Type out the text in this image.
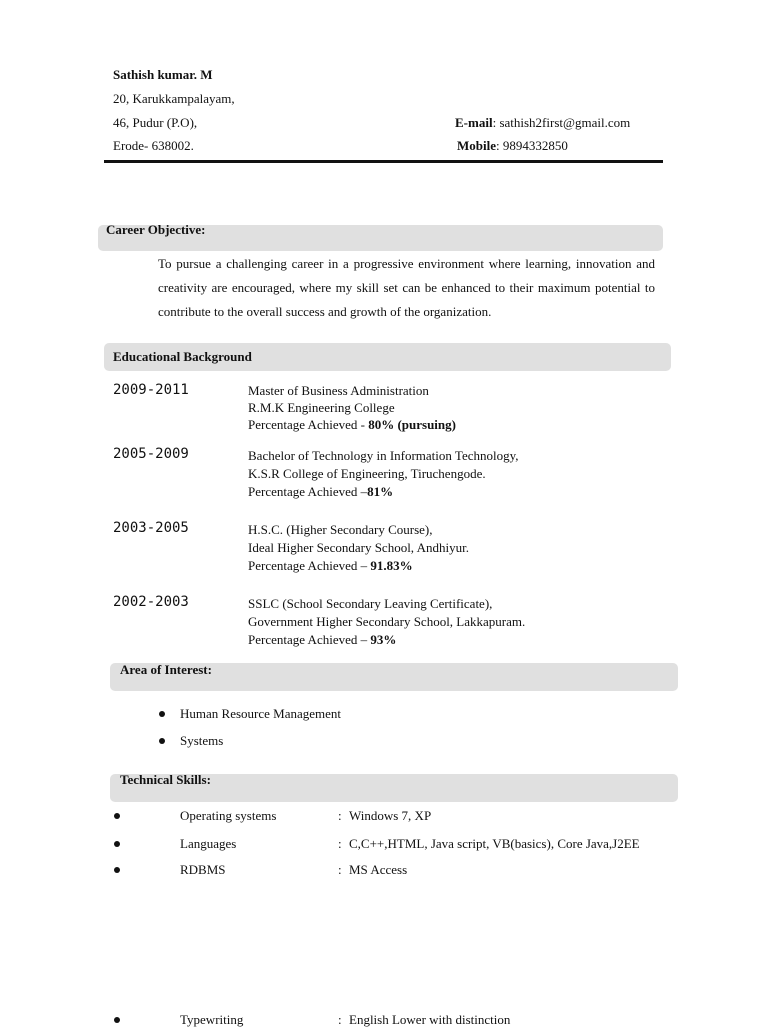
Sathish kumar. M
20, Karukkampalayam,
46, Pudur (P.O),
Erode- 638002.
E-mail: sathish2first@gmail.com
Mobile: 9894332850
Career Objective:
To pursue a challenging career in a progressive environment where learning, innovation and creativity are encouraged, where my skill set can be enhanced to their maximum potential to contribute to the overall success and growth of the organization.
Educational Background
2009-2011	Master of Business Administration
R.M.K Engineering College
Percentage Achieved - 80% (pursuing)
2005-2009	Bachelor of Technology in Information Technology,
K.S.R College of Engineering, Tiruchengode.
Percentage Achieved –81%
2003-2005	H.S.C. (Higher Secondary Course),
Ideal Higher Secondary School, Andhiyur.
Percentage Achieved – 91.83%
2002-2003	SSLC (School Secondary Leaving Certificate),
Government Higher Secondary School, Lakkapuram.
Percentage Achieved – 93%
Area of Interest:
Human Resource Management
Systems
Technical Skills:
Operating systems	: Windows 7, XP
Languages	: C,C++,HTML, Java script, VB(basics), Core Java,J2EE
RDBMS	: MS Access
Typewriting	: English Lower with distinction
